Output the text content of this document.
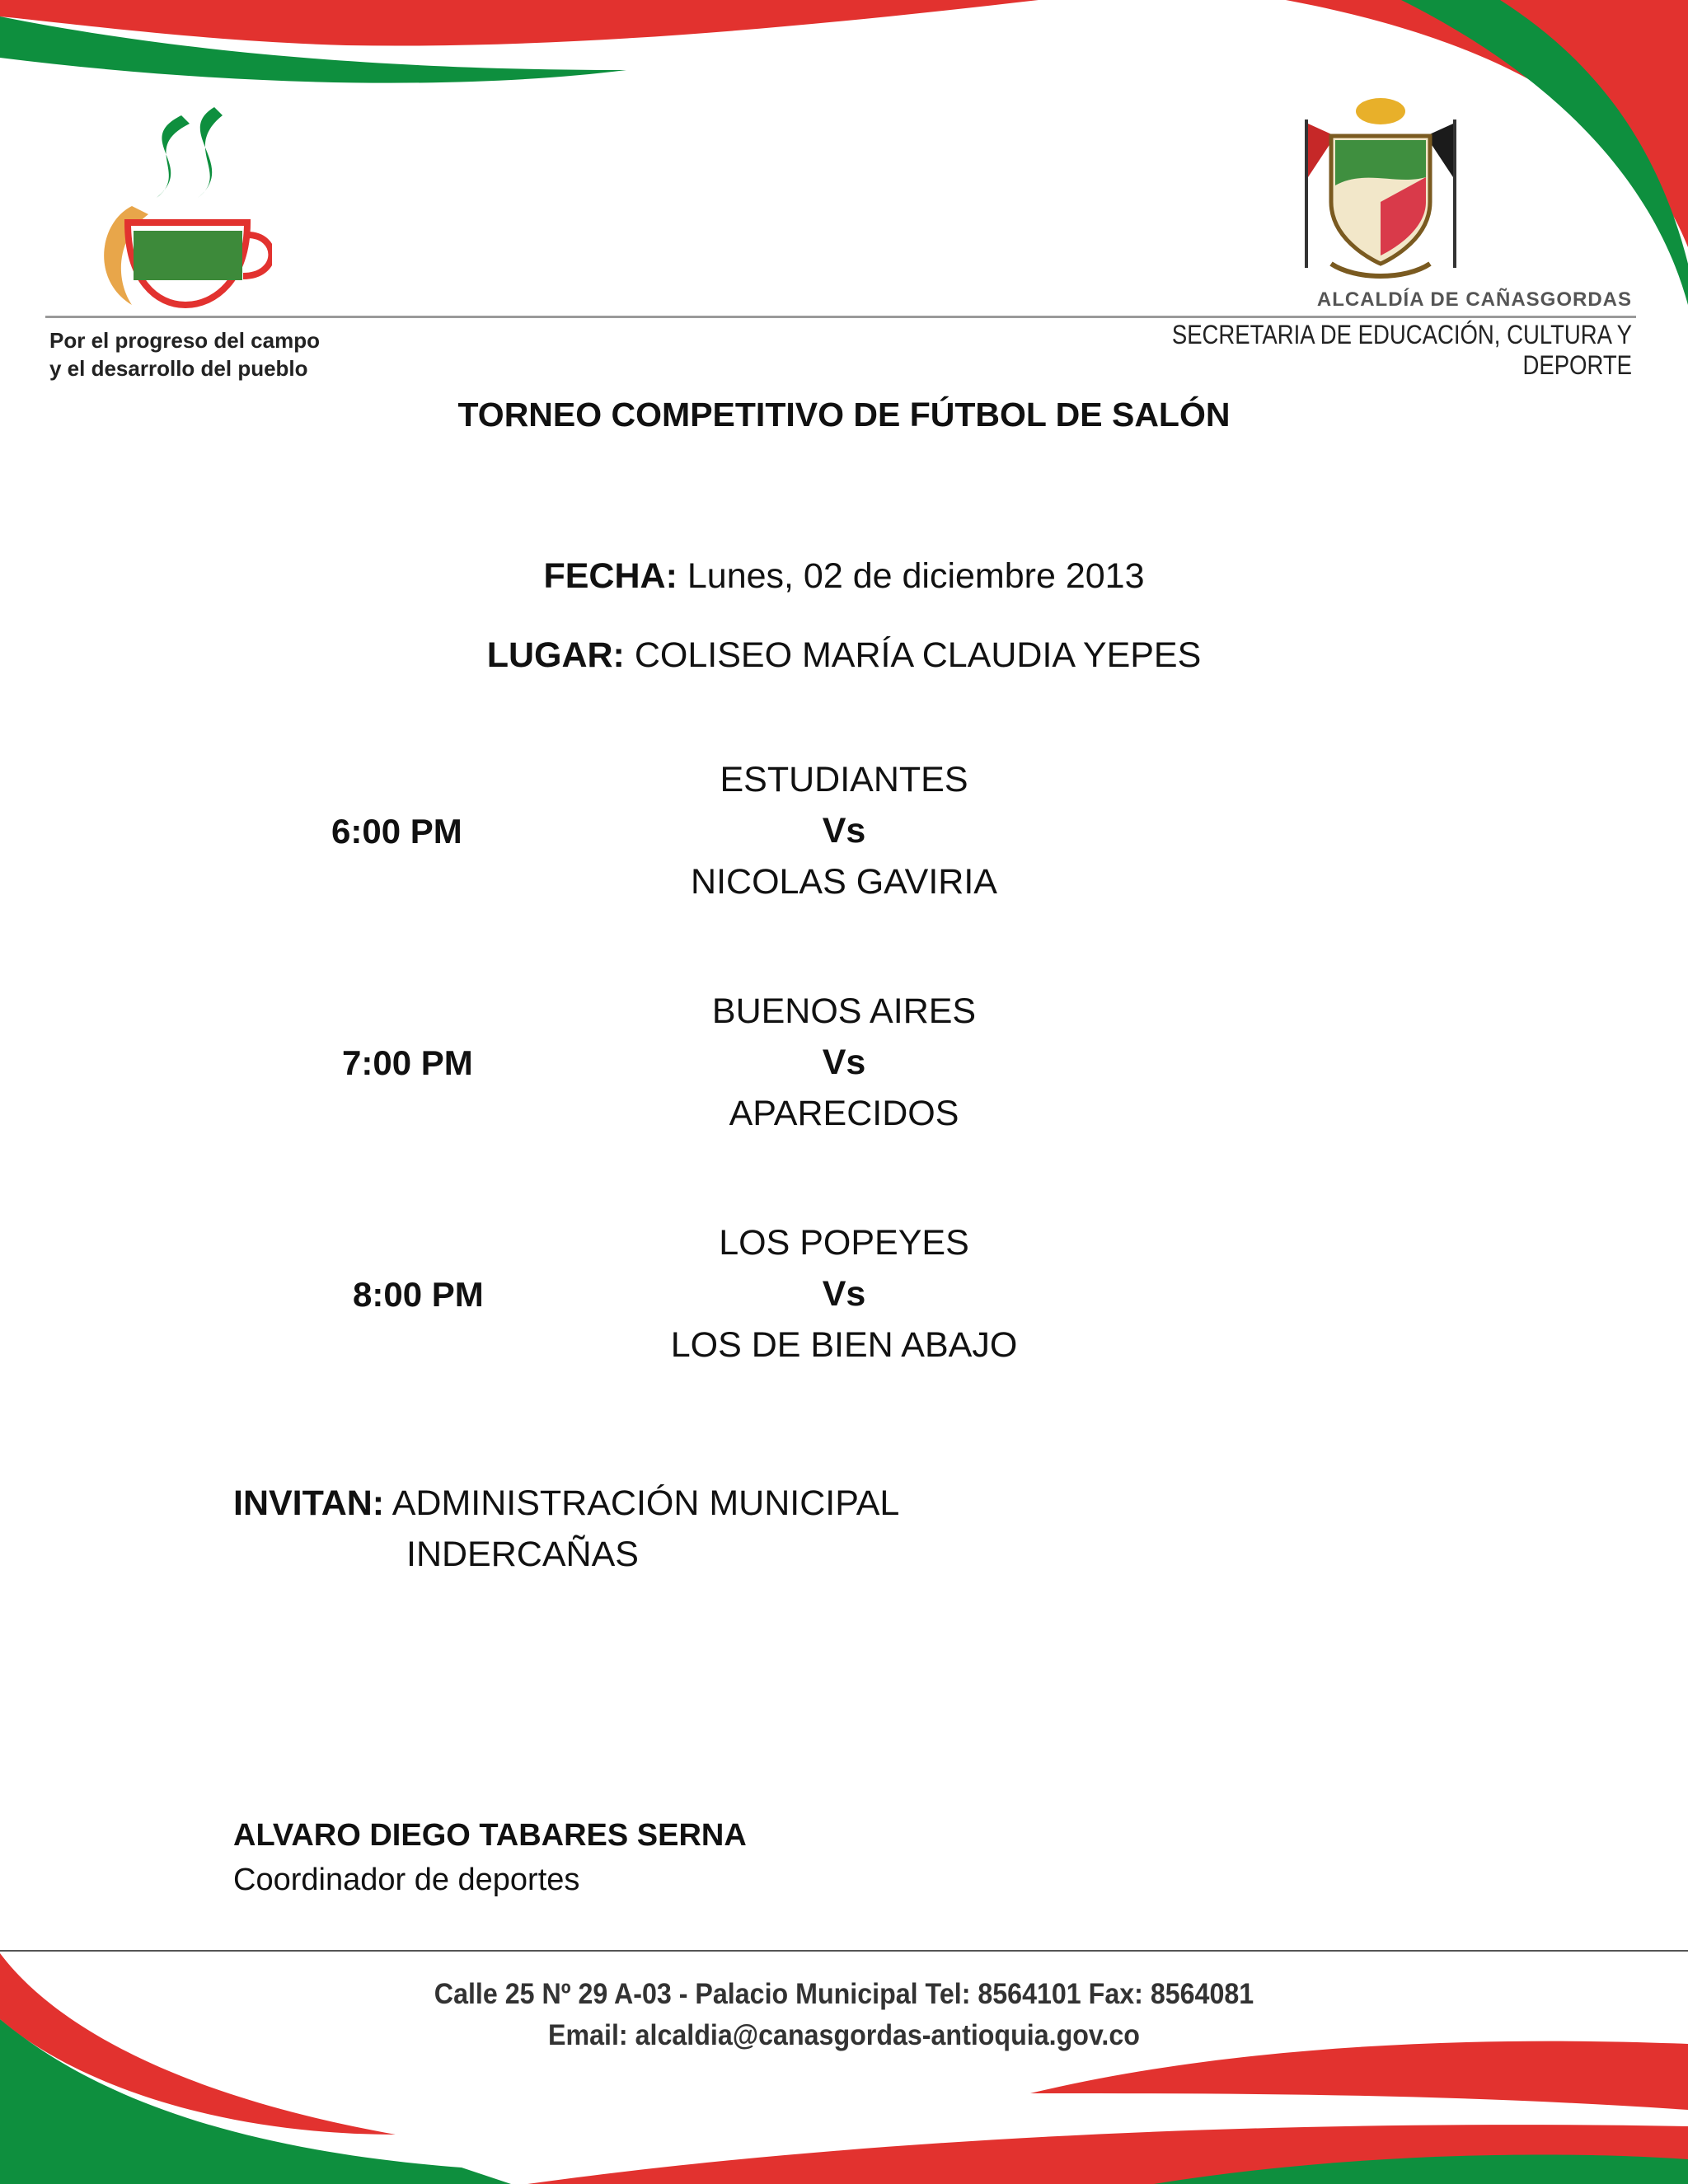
Por el progreso del campo
y el desarrollo del pueblo
ALCALDÍA DE CAÑASGORDAS
SECRETARIA DE EDUCACIÓN, CULTURA Y DEPORTE
TORNEO COMPETITIVO DE FÚTBOL DE SALÓN
FECHA: Lunes, 02 de diciembre 2013
LUGAR: COLISEO MARÍA CLAUDIA YEPES
6:00 PM
ESTUDIANTES
Vs
NICOLAS GAVIRIA
7:00 PM
BUENOS AIRES
Vs
APARECIDOS
8:00 PM
LOS POPEYES
Vs
LOS DE BIEN ABAJO
INVITAN: ADMINISTRACIÓN MUNICIPAL
INDERCAÑAS
ALVARO DIEGO TABARES SERNA
Coordinador de deportes
Calle 25 Nº 29 A-03 - Palacio Municipal Tel: 8564101 Fax: 8564081
Email: alcaldia@canasgordas-antioquia.gov.co
